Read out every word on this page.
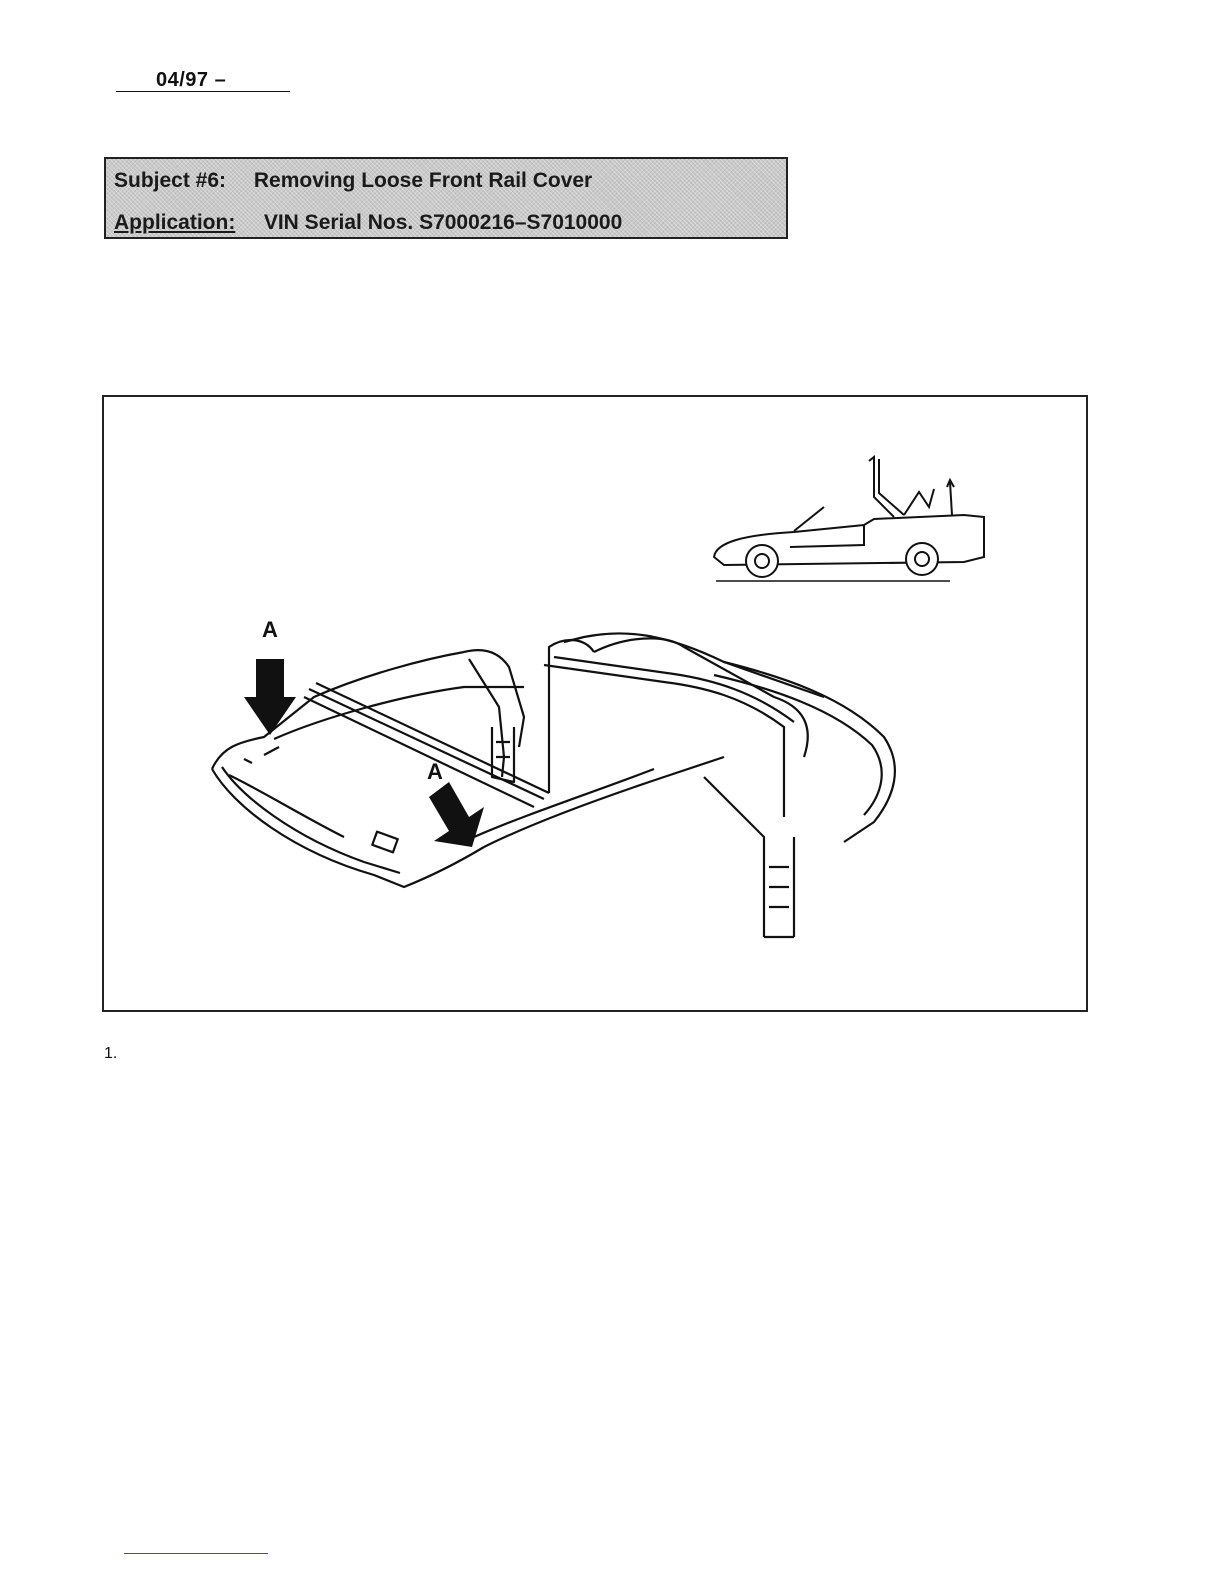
04/97 –
Subject #6: Removing Loose Front Rail Cover
Application: VIN Serial Nos. S7000216–S7010000
A
A
1.
